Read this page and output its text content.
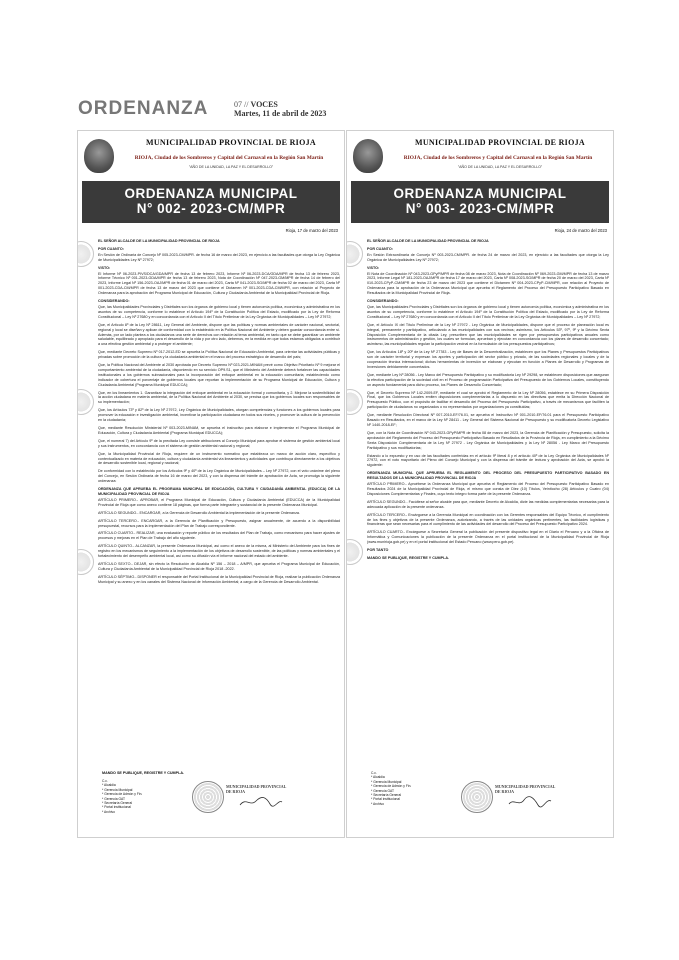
ORDENANZA	07 // VOCES
Martes, 11 de abril de 2023
MUNICIPALIDAD PROVINCIAL DE RIOJA
RIOJA, Ciudad de los Sombreros y Capital del Carnaval en la Región San Martín
"AÑO DE LA UNIDAD, LA PAZ Y EL DESARROLLO"
ORDENANZA MUNICIPAL
N° 002- 2023-CM/MPR
Rioja, 17 de marzo del 2023
EL SEÑOR ALCALDE DE LA MUNICIPALIDAD PROVINCIAL DE RIOJA
POR CUANTO:

En Sesión de Ordinaria de Concejo Nº 005-2023-CM/MPR. de fecha 16 de marzo del 2023, en ejercicio a las facultades que otorga la Ley Orgánica de Municipalidades Ley Nº 27972;

VISTO:

El Informe Nº 06-2023-PIVS/DCA/GDA/MPR de fecha 13 de febrero 2023, Informe Nº 06-2023-DCA/GDA/MPR de fecha 13 de febrero 2023, Informe Técnico Nº 001-2023-GDA/MPR de fecha 13 de febrero 2023, Nota de Coordinación Nº 047-2023-GM/MPR de fecha 14 de febrero del 2023, Informe Legal Nº 156-2023-OAJ/MPR de fecha 01 de marzo del 2023, Carta Nº 041-2023-SG/MPR de fecha 02 de marzo del 2023, Carta Nº 001-2023-CDA-CM/MPR de fecha 13 de marzo del 2023 que contiene el Dictamen Nº 001-2023-CDA-CM/MPR, con relación al Proyecto de Ordenanza para la aprobación del Programa Municipal de Educación, Cultura y Ciudadanía Ambiental de la Municipalidad Provincial de Rioja.

CONSIDERANDO:

Que, las Municipalidades Provinciales y Distritales son los órganos de gobierno local y tienen autonomía política, económica y administrativa en los asuntos de su competencia, conforme lo establece el Artículo 194º de la Constitución Política del Estado, modificado por la Ley de Reforma Constitucional – Ley Nº 27680 y en concordancia con el Artículo II del Título Preliminar de la Ley Orgánica de Municipalidades – Ley Nº 27972;

Que, el Artículo 8º de la Ley Nº 28611, Ley General del Ambiente, dispone que las políticas y normas ambientales de carácter nacional, sectorial, regional y local se diseñan y aplican de conformidad con lo establecido en la Política Nacional del Ambiente y deben guardar concordancia entre sí. Además, por un lado plantea a los ciudadanos una serie de derechos con relación al tema ambiental, en tanto que se debe garantizar un ambiente saludable, equilibrado y apropiado para el desarrollo de la vida y por otro lado, debemos, en la medida en que todos estamos obligados a contribuir a una efectiva gestión ambiental y a proteger el ambiente;

Que, mediante Decreto Supremo Nº 017-2012-ED se aprueba la Política Nacional de Educación Ambiental, para orientar las actividades públicas y privadas sobre promoción de la cultura y la ciudadanía ambiental en el marco del proceso estratégico de desarrollo del país;

Que, la Política Nacional del Ambiente al 2030 aprobada por Decreto Supremo Nº 023-2021-MINAM prevé como Objetivo Prioritario Nº 9 mejorar el comportamiento ambiental de la ciudadanía, disponiendo en su servicio OP9.S1, que el Ministerio del Ambiente deberá fortalecer las capacidades institucionales a los gobiernos subnacionales para la incorporación del enfoque ambiental en la educación comunitaria; estableciendo como indicador de cobertura el porcentaje de gobiernos locales que reportan la implementación de su Programa Municipal de Educación, Cultura y Ciudadanía Ambiental (Programa Municipal EDUCCA);

Que, en los lineamientos 1. Garantizar la integración del enfoque ambiental en la educación formal y comunitaria, y 2. Mejorar la sostenibilidad de la acción ciudadana en materia ambiental, de la Política Nacional del Ambiente al 2030, se precisa que los gobiernos locales son responsables de su implementación;

Que, los Artículos 73º y 82º de la Ley Nº 27972, Ley Orgánica de Municipalidades, otorgan competencias y funciones a los gobiernos locales para promover la educación e investigación ambiental, incentivar la participación ciudadana en todos sus niveles, y promover la cultura de la prevención en la ciudadanía;

Que, mediante Resolución Ministerial Nº 003-2023-MINAM, se aprueba el instructivo para elaborar e implementar el Programa Municipal de Educación, Cultura y Ciudadanía Ambiental (Programa Municipal EDUCCA);

Que, el numeral 7) del Artículo 9º de la precitada Ley consiste atribuciones al Concejo Municipal para aprobar el sistema de gestión ambiental local y sus instrumentos, en concordancia con el sistema de gestión ambiental nacional y regional;

Que, la Municipalidad Provincial de Rioja, requiere de un instrumento normativo que establezca un marco de acción claro, específico y contextualizado en materia de educación, cultura y ciudadanía ambiental vía lineamientos y actividades que contribuya directamente a los objetivos de desarrollo sostenible local, regional y nacional;

De conformidad con lo establecido por los Artículos 9º y 40º de la Ley Orgánica de Municipalidades – Ley Nº 27972, con el voto unánime del pleno del Concejo, en Sesión Ordinaria de fecha 16 de marzo del 2023, y con la dispensa del trámite de aprobación de Acta, se promulga la siguiente ordenanza:

ORDENANZA QUE APRUEBA EL PROGRAMA MUNICIPAL DE EDUCACIÓN, CULTURA Y CIUDADANÍA AMBIENTAL (EDUCCA) DE LA MUNICIPALIDAD PROVINCIAL DE RIOJA

ARTÍCULO PRIMERO.- APROBAR, el Programa Municipal de Educación, Cultura y Ciudadanía Ambiental (EDUCCA) de la Municipalidad Provincial de Rioja que como anexo contiene 18 páginas, que forma parte integrante y sustancial de la presente Ordenanza Municipal.

ARTÍCULO SEGUNDO.- ENCARGAR, a la Gerencia de Desarrollo Ambiental la implementación de la presente Ordenanza.

ARTÍCULO TERCERO.- ENCARGAR, a la Gerencia de Planificación y Presupuesto, asignar anualmente, de acuerdo a la disponibilidad presupuestal, recursos para la implementación del Plan de Trabajo correspondiente.

ARTÍCULO CUARTO.- REALIZAR, una evaluación y reporte público de los resultados del Plan de Trabajo, como mecanismo para hacer ajustes de procesos y mejoras en el Plan de Trabajo del año siguiente.

ARTÍCULO QUINTO.- ALCANZAR, la presente Ordenanza Municipal, así como el anexo de la misma, al Ministerio del Ambiente para los fines de registro en los mecanismos de seguimiento a la implementación de los objetivos de desarrollo sostenible, de las políticas y normas ambientales y el fortalecimiento del desempeño ambiental local, así como su difusión vía el informe nacional del estado del ambiente.

ARTÍCULO SEXTO.- DEJAR, sin efecto la Resolución de Alcaldía Nº 156 – 2018 – A/MPR, que aprueba el Programa Municipal de Educación, Cultura y Ciudadanía Ambiental de la Municipalidad Provincial de Rioja 2018 -2022.

ARTÍCULO SÉPTIMO.- DISPONER el responsable del Portal Institucional de la Municipalidad Provincial de Rioja, realizar la publicación Ordenanza Municipal y su anexo y en los canales del Sistema Nacional de Información Ambiental; a cargo de la Gerencia de Desarrollo Ambiental.

MANDO SE PUBLIQUE, REGISTRE Y CUMPLA.
C.c.
* Alcaldía
* Gerencia Municipal
* Gerencia de Admón y Fin.
* Gerencia GAT
* Secretaría General
* Portal institucional
* Archivo
MUNICIPALIDAD PROVINCIAL DE RIOJA
MUNICIPALIDAD PROVINCIAL DE RIOJA
RIOJA, Ciudad de los Sombreros y Capital del Carnaval en la Región San Martín
"AÑO DE LA UNIDAD, LA PAZ Y EL DESARROLLO"
ORDENANZA MUNICIPAL
N° 003- 2023-CM/MPR
Rioja, 24 de marzo del 2023
EL SEÑOR ALCALDE DE LA MUNICIPALIDAD PROVINCIAL DE RIOJA
POR CUANTO:

En Sesión Extraordinaria de Concejo Nº 003-2023-CM/MPR. de fecha 24 de marzo del 2023, en ejercicio a las facultades que otorga la Ley Orgánica de Municipalidades Ley Nº 27972;

VISTO:

El Nota de Coordinación Nº 043-2023-GPyP/MPR de fecha 08 de marzo 2023, Nota de Coordinación Nº 069-2023-GM/MPR de fecha 13 de marzo 2023, Informe Legal Nº 181-2023-OAJ/MPR de fecha 17 de marzo del 2023, Carta Nº 008-2023-SG/MPR de fecha 20 de marzo del 2023, Carta Nº 010-2023-CPyP-CM/MPR de fecha 23 de marzo del 2023 que contiene el Dictamen Nº 004-2023-CPyP-CM/MPR, con relación al Proyecto de Ordenanza para la aprobación de la Ordenanza Municipal que aprueba el Reglamento del Proceso del Presupuesto Participativo Basado en Resultados de la Municipalidad Provincial de Rioja.

CONSIDERANDO:

Que, las Municipalidades Provinciales y Distritales son los órganos de gobierno local y tienen autonomía política, económica y administrativa en los asuntos de su competencia, conforme lo establece el Artículo 194º de la Constitución Política del Estado, modificado por la Ley de Reforma Constitucional – Ley Nº 27680 y en concordancia con el Artículo II del Título Preliminar de la Ley Orgánica de Municipalidades – Ley Nº 27972;

Que, el Artículo IX del Título Preliminar de la Ley Nº 27972 - Ley Orgánica de Municipalidades, dispone que el proceso de planeación local es integral, permanente y participativo, articulando a las municipalidades con sus vecinos; asimismo, los Artículos 53º, 97º, 9º y la Décimo Sexta Disposición Complementaria de la citada Ley, prescriben que las municipalidades se rigen por presupuestos participativos anuales como instrumentos de administración y gestión, los cuales se formulan, aprueban y ejecutan en concordancia con los planes de desarrollo concertado; asimismo, las municipalidades regulan la participación vecinal en la formulación de los presupuestos participativos;

Que, los Artículos 18º y 20º de la Ley Nº 27783 - Ley de Bases de la Descentralización, establecen que los Planes y Presupuestos Participativos son de carácter territorial y expresan los aportes y participación del sector público y privado, de las sociedades regionales y locales y de la cooperación técnica internacional; dichas herramientas de inversión se elaboran y ejecutan en función a Planes de Desarrollo y Programas de Inversiones debidamente concertados.

Que, mediante Ley Nº 28056 - Ley Marco del Presupuesto Participativo y su modificatoria Ley Nº 29298, se establecen disposiciones que aseguran la efectiva participación de la sociedad civil en el Proceso de programación Participativa del Presupuesto de los Gobiernos Locales, constituyendo un aspecto fundamental para dicho proceso, los Planes de Desarrollo Concertado;

Que, el Decreto Supremo Nº 142-2009-EF, mediante el cual se aprobó el Reglamento de la Ley Nº 28056, establece en su Primera Disposición Final, que los Gobiernos Locales emiten disposiciones complementarias a lo dispuesto en las directivas que emita la Dirección Nacional de Presupuesto Público, con el propósito de facilitar el desarrollo del Proceso del Presupuesto Participativo, a través de mecanismos que faciliten la participación de ciudadanos no organizados o no representados por organizaciones ya constituidas;

Que, mediante Resolución Directoral Nº 007-2010-EF/76.01, se aprueba el Instructivo Nº 001-2010-EF/76.01 para el Presupuesto Participativo Basado en Resultados, en el marco de la Ley Nº 28411 - Ley General del Sistema Nacional de Presupuesto y su modificatoria Decreto Legislativo Nº 1440-2018-EF;

Que, con la Nota de Coordinación Nº 043-2023-GPyP/MPR de fecha 08 de marzo del 2023, la Gerencia de Planificación y Presupuesto, solicita la aprobación del Reglamento del Proceso del Presupuesto Participativo Basado en Resultados de la Provincia de Rioja, en cumplimiento a la Décimo Sexta Disposición Complementaria de la Ley Nº 27972 - Ley Orgánica de Municipalidades y la Ley Nº 28056 - Ley Marco del Presupuesto Participativo y sus modificatorias;

Estando a lo expuesto y en uso de las facultades conferidas en el artículo 9º literal 8 y el artículo 40º de la Ley Orgánica de Municipalidades Nº 27972, con el voto mayoritario del Pleno del Concejo Municipal y con la dispensa del trámite de lectura y aprobación del Acta, se aprobó la siguiente:

ORDENANZA MUNICIPAL QUE APRUEBA EL REGLAMENTO DEL PROCESO DEL PRESUPUESTO PARTICIPATIVO BASADO EN RESULTADOS DE LA MUNICIPALIDAD PROVINCIAL DE RIOJA

ARTÍCULO PRIMERO.- Apruébese la Ordenanza Municipal que aprueba el Reglamento del Proceso del Presupuesto Participativo Basado en Resultados 2024 de la Municipalidad Provincial de Rioja, el mismo que consta de Diez (10) Títulos, Veintiocho (28) Artículos y Cuatro (04) Disposiciones Complementarias y Finales, cuyo texto integro forma parte de la presente Ordenanza.

ARTÍCULO SEGUNDO.- Facúltese al señor alcalde para que, mediante Decreto de Alcaldía, dicte las medidas complementarias necesarias para la adecuada aplicación de la presente ordenanza.

ARTÍCULO TERCERO.- Encárguese a la Gerencia Municipal en coordinación con los Gerentes responsables del Equipo Técnico, el cumplimiento de los fines y objetivos de la presente Ordenanza, autorizando, a través de las unidades orgánicas pertinentes, las facilidades logísticas y financieras que sean necesarias para el cumplimiento de las actividades del desarrollo del Proceso del Presupuesto Participativo 2024.

ARTÍCULO CUARTO.- Encárguese a Secretaría General la publicación del presente dispositivo legal en el Diario el Peruano y a la Oficina de Informática y Comunicaciones la publicación de la presente Ordenanza en el portal institucional de la Municipalidad Provincial de Rioja (www.munirioja.gob.pe) y en el portal institucional del Estado Peruano (www.peru.gob.pe).

POR TANTO
MANDO SE PUBLIQUE, REGISTRE Y CUMPLA.
C.c.
* Alcaldía
* Gerencia Municipal
* Gerencia de Admón y Fin.
* Gerencia GAT
* Secretaría General
* Portal institucional
* Archivo
MUNICIPALIDAD PROVINCIAL DE RIOJA
